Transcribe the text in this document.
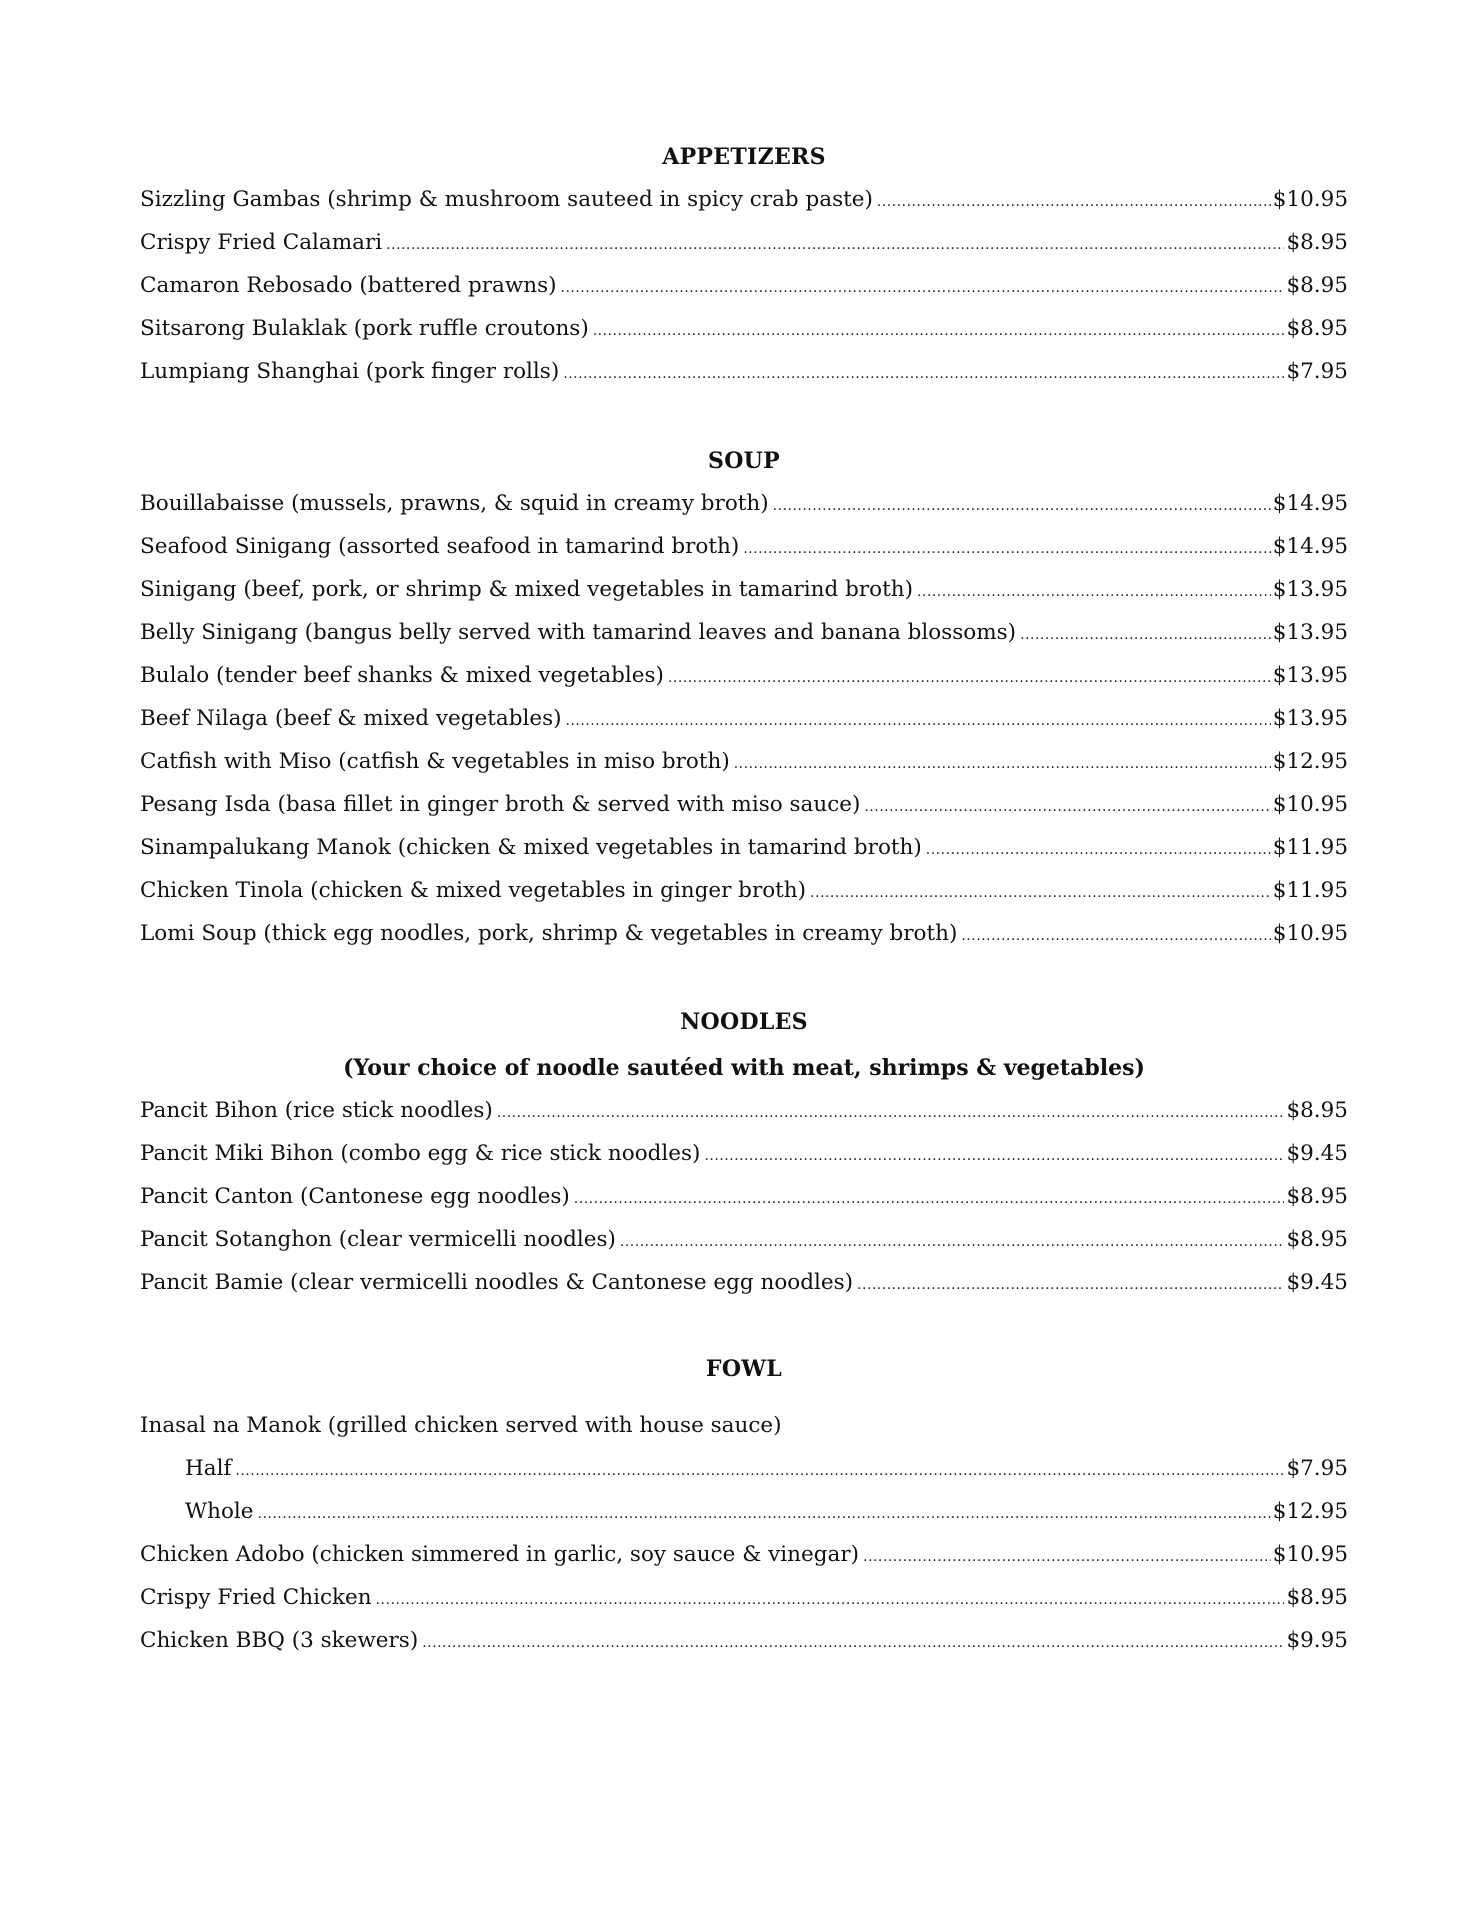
APPETIZERS
Sizzling Gambas (shrimp & mushroom sauteed in spicy crab paste) .....	$10.95
Crispy Fried Calamari .....	$8.95
Camaron Rebosado (battered prawns) .....	$8.95
Sitsarong Bulaklak (pork ruffle croutons) .....	$8.95
Lumpiang Shanghai (pork finger rolls) .....	$7.95
SOUP
Bouillabaisse (mussels, prawns, & squid in creamy broth) .....	$14.95
Seafood Sinigang (assorted seafood in tamarind broth) .....	$14.95
Sinigang (beef, pork, or shrimp & mixed vegetables in tamarind broth) .....	$13.95
Belly Sinigang (bangus belly served with tamarind leaves and banana blossoms) .....	$13.95
Bulalo (tender beef shanks & mixed vegetables) .....	$13.95
Beef Nilaga (beef & mixed vegetables) .....	$13.95
Catfish with Miso (catfish & vegetables in miso broth) .....	$12.95
Pesang Isda (basa fillet in ginger broth & served with miso sauce) .....	$10.95
Sinampalukang Manok (chicken & mixed vegetables in tamarind broth) .....	$11.95
Chicken Tinola (chicken & mixed vegetables in ginger broth) .....	$11.95
Lomi Soup (thick egg noodles, pork, shrimp & vegetables in creamy broth) .....	$10.95
NOODLES
(Your choice of noodle sautéed with meat, shrimps & vegetables)
Pancit Bihon (rice stick noodles) .....	$8.95
Pancit Miki Bihon (combo egg & rice stick noodles) .....	$9.45
Pancit Canton (Cantonese egg noodles) .....	$8.95
Pancit Sotanghon (clear vermicelli noodles) .....	$8.95
Pancit Bamie (clear vermicelli noodles & Cantonese egg noodles) .....	$9.45
FOWL
Inasal na Manok (grilled chicken served with house sauce)
Half .....	$7.95
Whole .....	$12.95
Chicken Adobo (chicken simmered in garlic, soy sauce & vinegar) .....	$10.95
Crispy Fried Chicken .....	$8.95
Chicken BBQ (3 skewers) .....	$9.95
